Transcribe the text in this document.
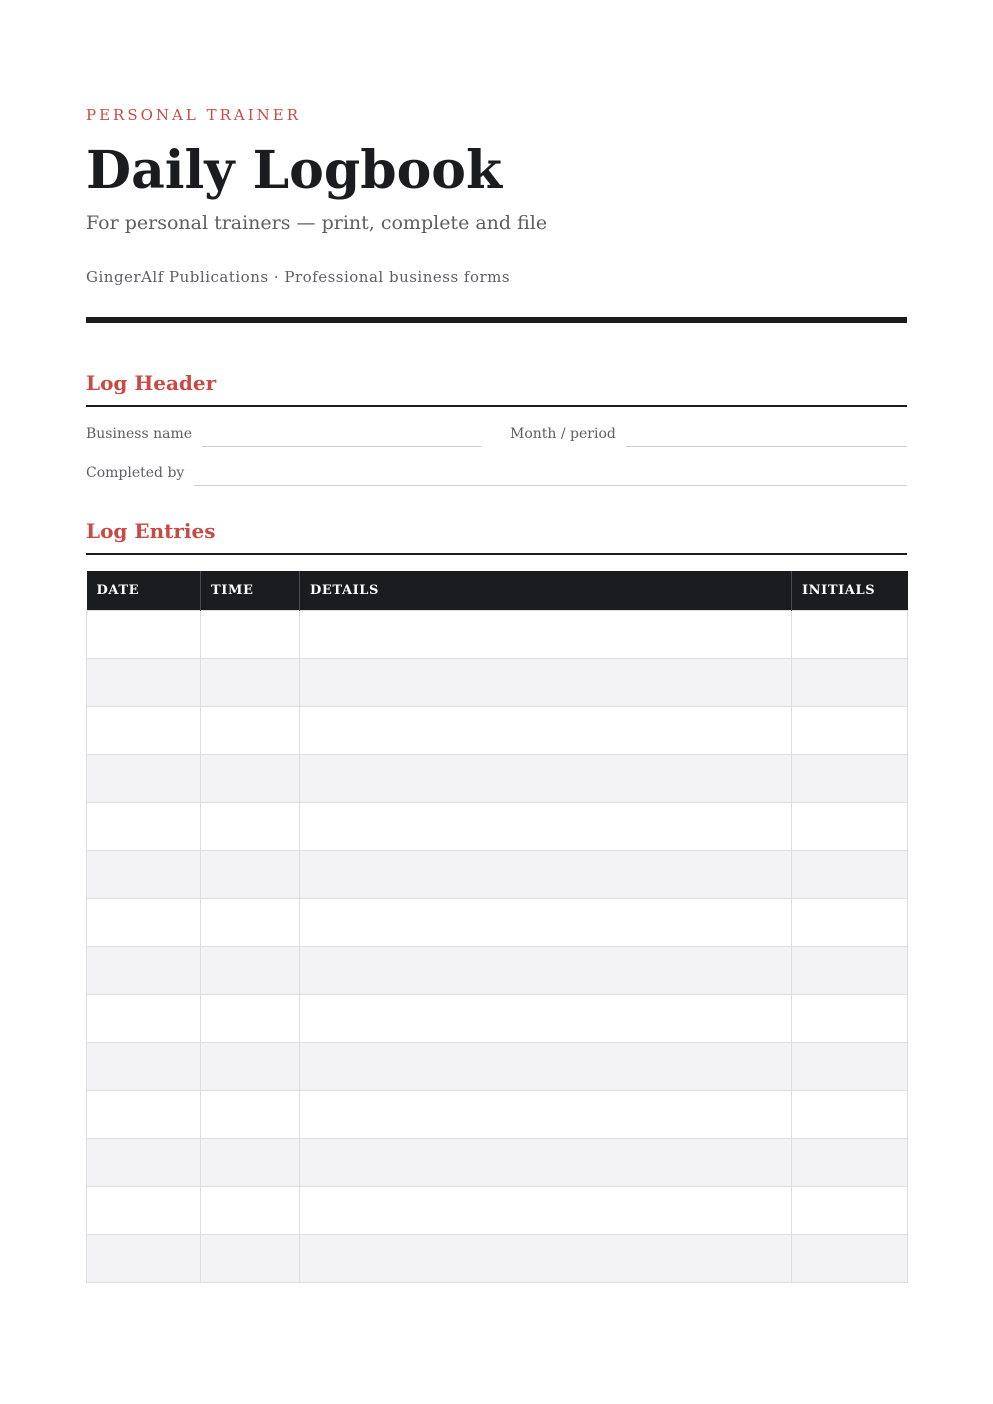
PERSONAL TRAINER
Daily Logbook
For personal trainers — print, complete and file
GingerAlf Publications · Professional business forms
Log Header
Business name	Month / period
Completed by
Log Entries
DATE	TIME	DETAILS	INITIALS
